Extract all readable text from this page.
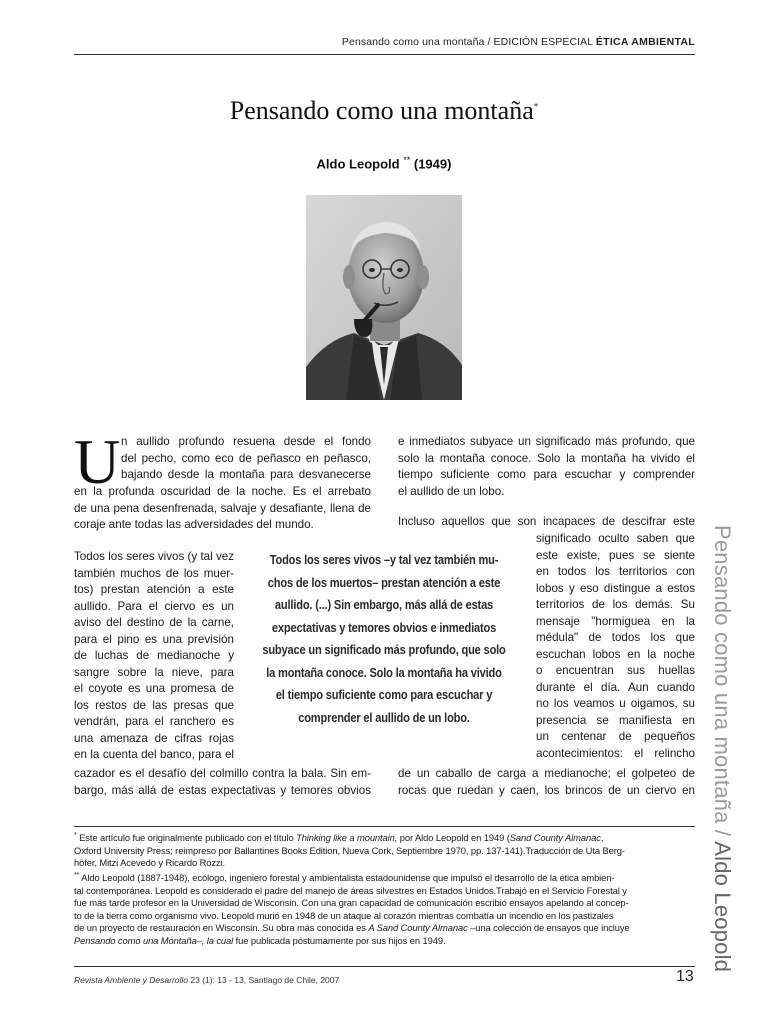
Pensando como una montaña / EDICIÓN ESPECIAL ÉTICA AMBIENTAL
Pensando como una montaña*
Aldo Leopold ** (1949)
U n aullido profundo resuena desde el fondo
del pecho, como eco de peñasco en peñasco,
bajando desde la montaña para desvanecerse
en la profunda oscuridad de la noche. Es el arrebato
de una pena desenfrenada, salvaje y desafiante, llena de
coraje ante todas las adversidades del mundo.
Todos los seres vivos (y tal vez
también muchos de los muer-
tos) prestan atención a este
aullido. Para el ciervo es un
aviso del destino de la carne,
para el pino es una previsión
de luchas de medianoche y
sangre sobre la nieve, para
el coyote es una promesa de
los restos de las presas que
vendrán, para el ranchero es
una amenaza de cifras rojas
en la cuenta del banco, para el
cazador es el desafío del colmillo contra la bala. Sin em-
bargo, más allá de estas expectativas y temores obvios
Todos los seres vivos –y tal vez también mu-
chos de los muertos– prestan atención a este
aullido. (...) Sin embargo, más allá de estas
expectativas y temores obvios e inmediatos
subyace un significado más profundo, que solo
la montaña conoce. Solo la montaña ha vivido
el tiempo suficiente como para escuchar y
comprender el aullido de un lobo.
e inmediatos subyace un significado más profundo, que
solo la montaña conoce. Solo la montaña ha vivido el
tiempo suficiente como para escuchar y comprender
el aullido de un lobo.
Incluso aquellos que son incapaces de descifrar este
significado oculto saben que
este existe, pues se siente
en todos los territorios con
lobos y eso distingue a estos
territorios de los demás. Su
mensaje "hormiguea en la
médula" de todos los que
escuchan lobos en la noche
o encuentran sus huellas
durante el día. Aun cuando
no los veamos u oigamos, su
presencia se manifiesta en
un centenar de pequeños
acontecimientos: el relincho
de un caballo de carga a medianoche; el golpeteo de
rocas que ruedan y caen, los brincos de un ciervo en Pensando como una montaña / Aldo Leopold
* Este artículo fue originalmente publicado con el título Thinking like a mountain, por Aldo Leopold en 1949 (Sand County Almanac,
Oxford University Press; reimpreso por Ballantines Books Edition, Nueva Cork, Septiembre 1970, pp. 137-141).Traducción de Uta Berg-
höfer, Mitzi Acevedo y Ricardo Rozzi.
** Aldo Leopold (1887-1948), ecólogo, ingeniero forestal y ambientalista estadounidense que impulsó el desarrollo de la ética ambien-
tal contemporánea. Leopold es considerado el padre del manejo de áreas silvestres en Estados Unidos.Trabajó en el Servicio Forestal y
fue más tarde profesor en la Universidad de Wisconsin. Con una gran capacidad de comunicación escribió ensayos apelando al concep-
to de la tierra como organismo vivo. Leopold murió en 1948 de un ataque al corazón mientras combatía un incendio en los pastizales
de un proyecto de restauración en Wisconsin. Su obra más conocida es A Sand County Almanac –una colección de ensayos que incluye
Pensando como una Montaña–, la cual fue publicada póstumamente por sus hijos en 1949.
Revista Ambiente y Desarrollo 23 (1): 13 - 13, Santiago de Chile, 2007	13
